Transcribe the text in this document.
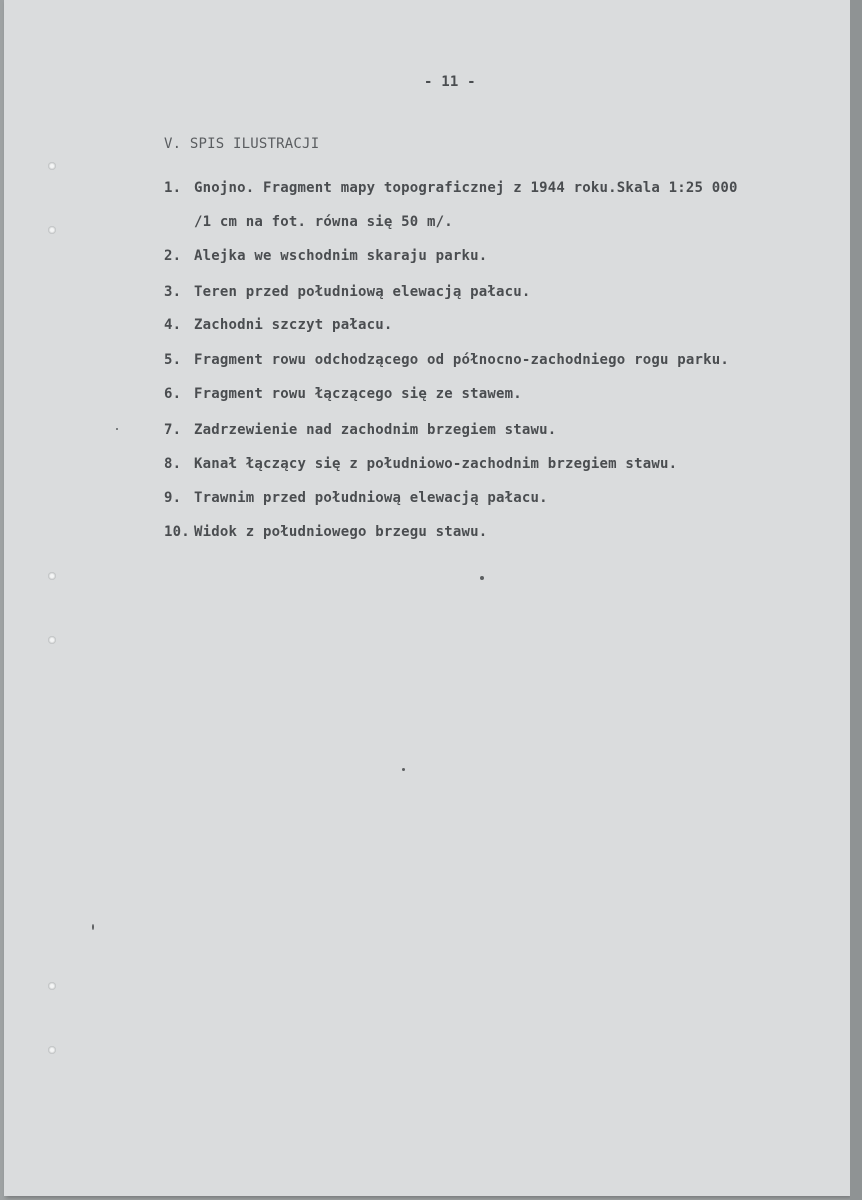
- 11 -
V. SPIS ILUSTRACJI
1. Gnojno. Fragment mapy topograficznej z 1944 roku.Skala 1:25 000
/1 cm na fot. równa się 50 m/.
2. Alejka we wschodnim skaraju parku.
3. Teren przed południową elewacją pałacu.
4. Zachodni szczyt pałacu.
5. Fragment rowu odchodzącego od północno-zachodniego rogu parku.
6. Fragment rowu łączącego się ze stawem.
7. Zadrzewienie nad zachodnim brzegiem stawu.
8. Kanał łączący się z południowo-zachodnim brzegiem stawu.
9. Trawnim przed południową elewacją pałacu.
10. Widok z południowego brzegu stawu.
